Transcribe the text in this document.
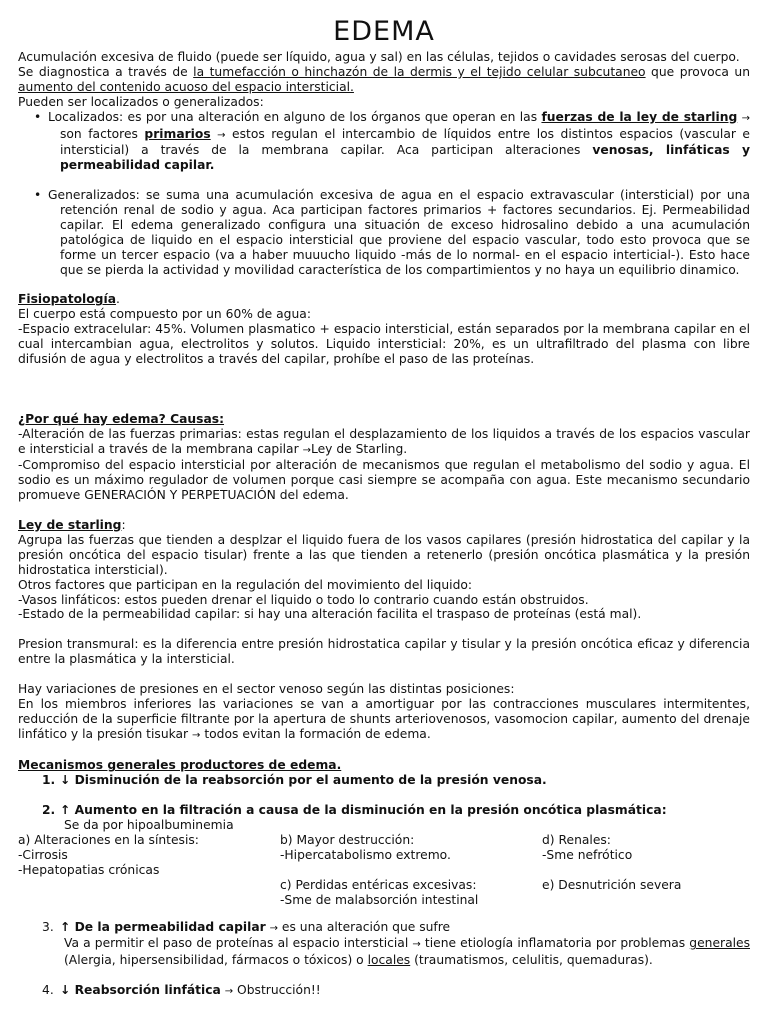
EDEMA

Acumulación excesiva de fluido (puede ser líquido, agua y sal) en las células, tejidos o cavidades serosas del cuerpo.

Se diagnostica a través de la tumefacción o hinchazón de la dermis y el tejido celular subcutaneo que provoca un aumento del contenido acuoso del espacio intersticial.

Pueden ser localizados o generalizados:

• Localizados: es por una alteración en alguno de los órganos que operan en las fuerzas de la ley de starling → son factores primarios → estos regulan el intercambio de líquidos entre los distintos espacios (vascular e intersticial) a través de la membrana capilar. Aca participan alteraciones venosas, linfáticas y permeabilidad capilar.
• Generalizados: se suma una acumulación excesiva de agua en el espacio extravascular (intersticial) por una retención renal de sodio y agua. Aca participan factores primarios + factores secundarios. Ej. Permeabilidad capilar. El edema generalizado configura una situación de exceso hidrosalino debido a una acumulación patológica de liquido en el espacio intersticial que proviene del espacio vascular, todo esto provoca que se forme un tercer espacio (va a haber muuucho liquido -más de lo normal- en el espacio interticial-). Esto hace que se pierda la actividad y movilidad característica de los compartimientos y no haya un equilibrio dinamico.

Fisiopatología.

El cuerpo está compuesto por un 60% de agua:

-Espacio extracelular: 45%. Volumen plasmatico + espacio intersticial, están separados por la membrana capilar en el cual intercambian agua, electrolitos y solutos. Liquido intersticial: 20%, es un ultrafiltrado del plasma con libre difusión de agua y electrolitos a través del capilar, prohíbe el paso de las proteínas.

¿Por qué hay edema? Causas:

-Alteración de las fuerzas primarias: estas regulan el desplazamiento de los liquidos a través de los espacios vascular e intersticial a través de la membrana capilar →Ley de Starling.

-Compromiso del espacio intersticial por alteración de mecanismos que regulan el metabolismo del sodio y agua. El sodio es un máximo regulador de volumen porque casi siempre se acompaña con agua. Este mecanismo secundario promueve GENERACIÓN Y PERPETUACIÓN del edema.

Ley de starling:

Agrupa las fuerzas que tienden a desplzar el liquido fuera de los vasos capilares (presión hidrostatica del capilar y la presión oncótica del espacio tisular) frente a las que tienden a retenerlo (presión oncótica plasmática y la presión hidrostatica intersticial).

Otros factores que participan en la regulación del movimiento del liquido:

-Vasos linfáticos: estos pueden drenar el liquido o todo lo contrario cuando están obstruidos.

-Estado de la permeabilidad capilar: si hay una alteración facilita el traspaso de proteínas (está mal).

Presion transmural: es la diferencia entre presión hidrostatica capilar y tisular y la presión oncótica eficaz y diferencia entre la plasmática y la intersticial.

Hay variaciones de presiones en el sector venoso según las distintas posiciones:

En los miembros inferiores las variaciones se van a amortiguar por las contracciones musculares intermitentes, reducción de la superficie filtrante por la apertura de shunts arteriovenosos, vasomocion capilar, aumento del drenaje linfático y la presión tisukar → todos evitan la formación de edema.

Mecanismos generales productores de edema.

1. ↓ Disminución de la reabsorción por el aumento de la presión venosa.
2. ↑ Aumento en la filtración a causa de la disminución en la presión oncótica plasmática:

Se da por hipoalbuminemia

a) Alteraciones en la síntesis:

-Cirrosis

-Hepatopatias crónicas

b) Mayor destrucción:

-Hipercatabolismo extremo.

c) Perdidas entéricas excesivas:

-Sme de malabsorción intestinal

d) Renales:

-Sme nefrótico

e) Desnutrición severa

3. ↑ De la permeabilidad capilar → es una alteración que sufre

Va a permitir el paso de proteínas al espacio intersticial → tiene etiología inflamatoria por problemas generales (Alergia, hipersensibilidad, fármacos o tóxicos) o locales (traumatismos, celulitis, quemaduras).

4. ↓ Reabsorción linfática → Obstrucción!!
